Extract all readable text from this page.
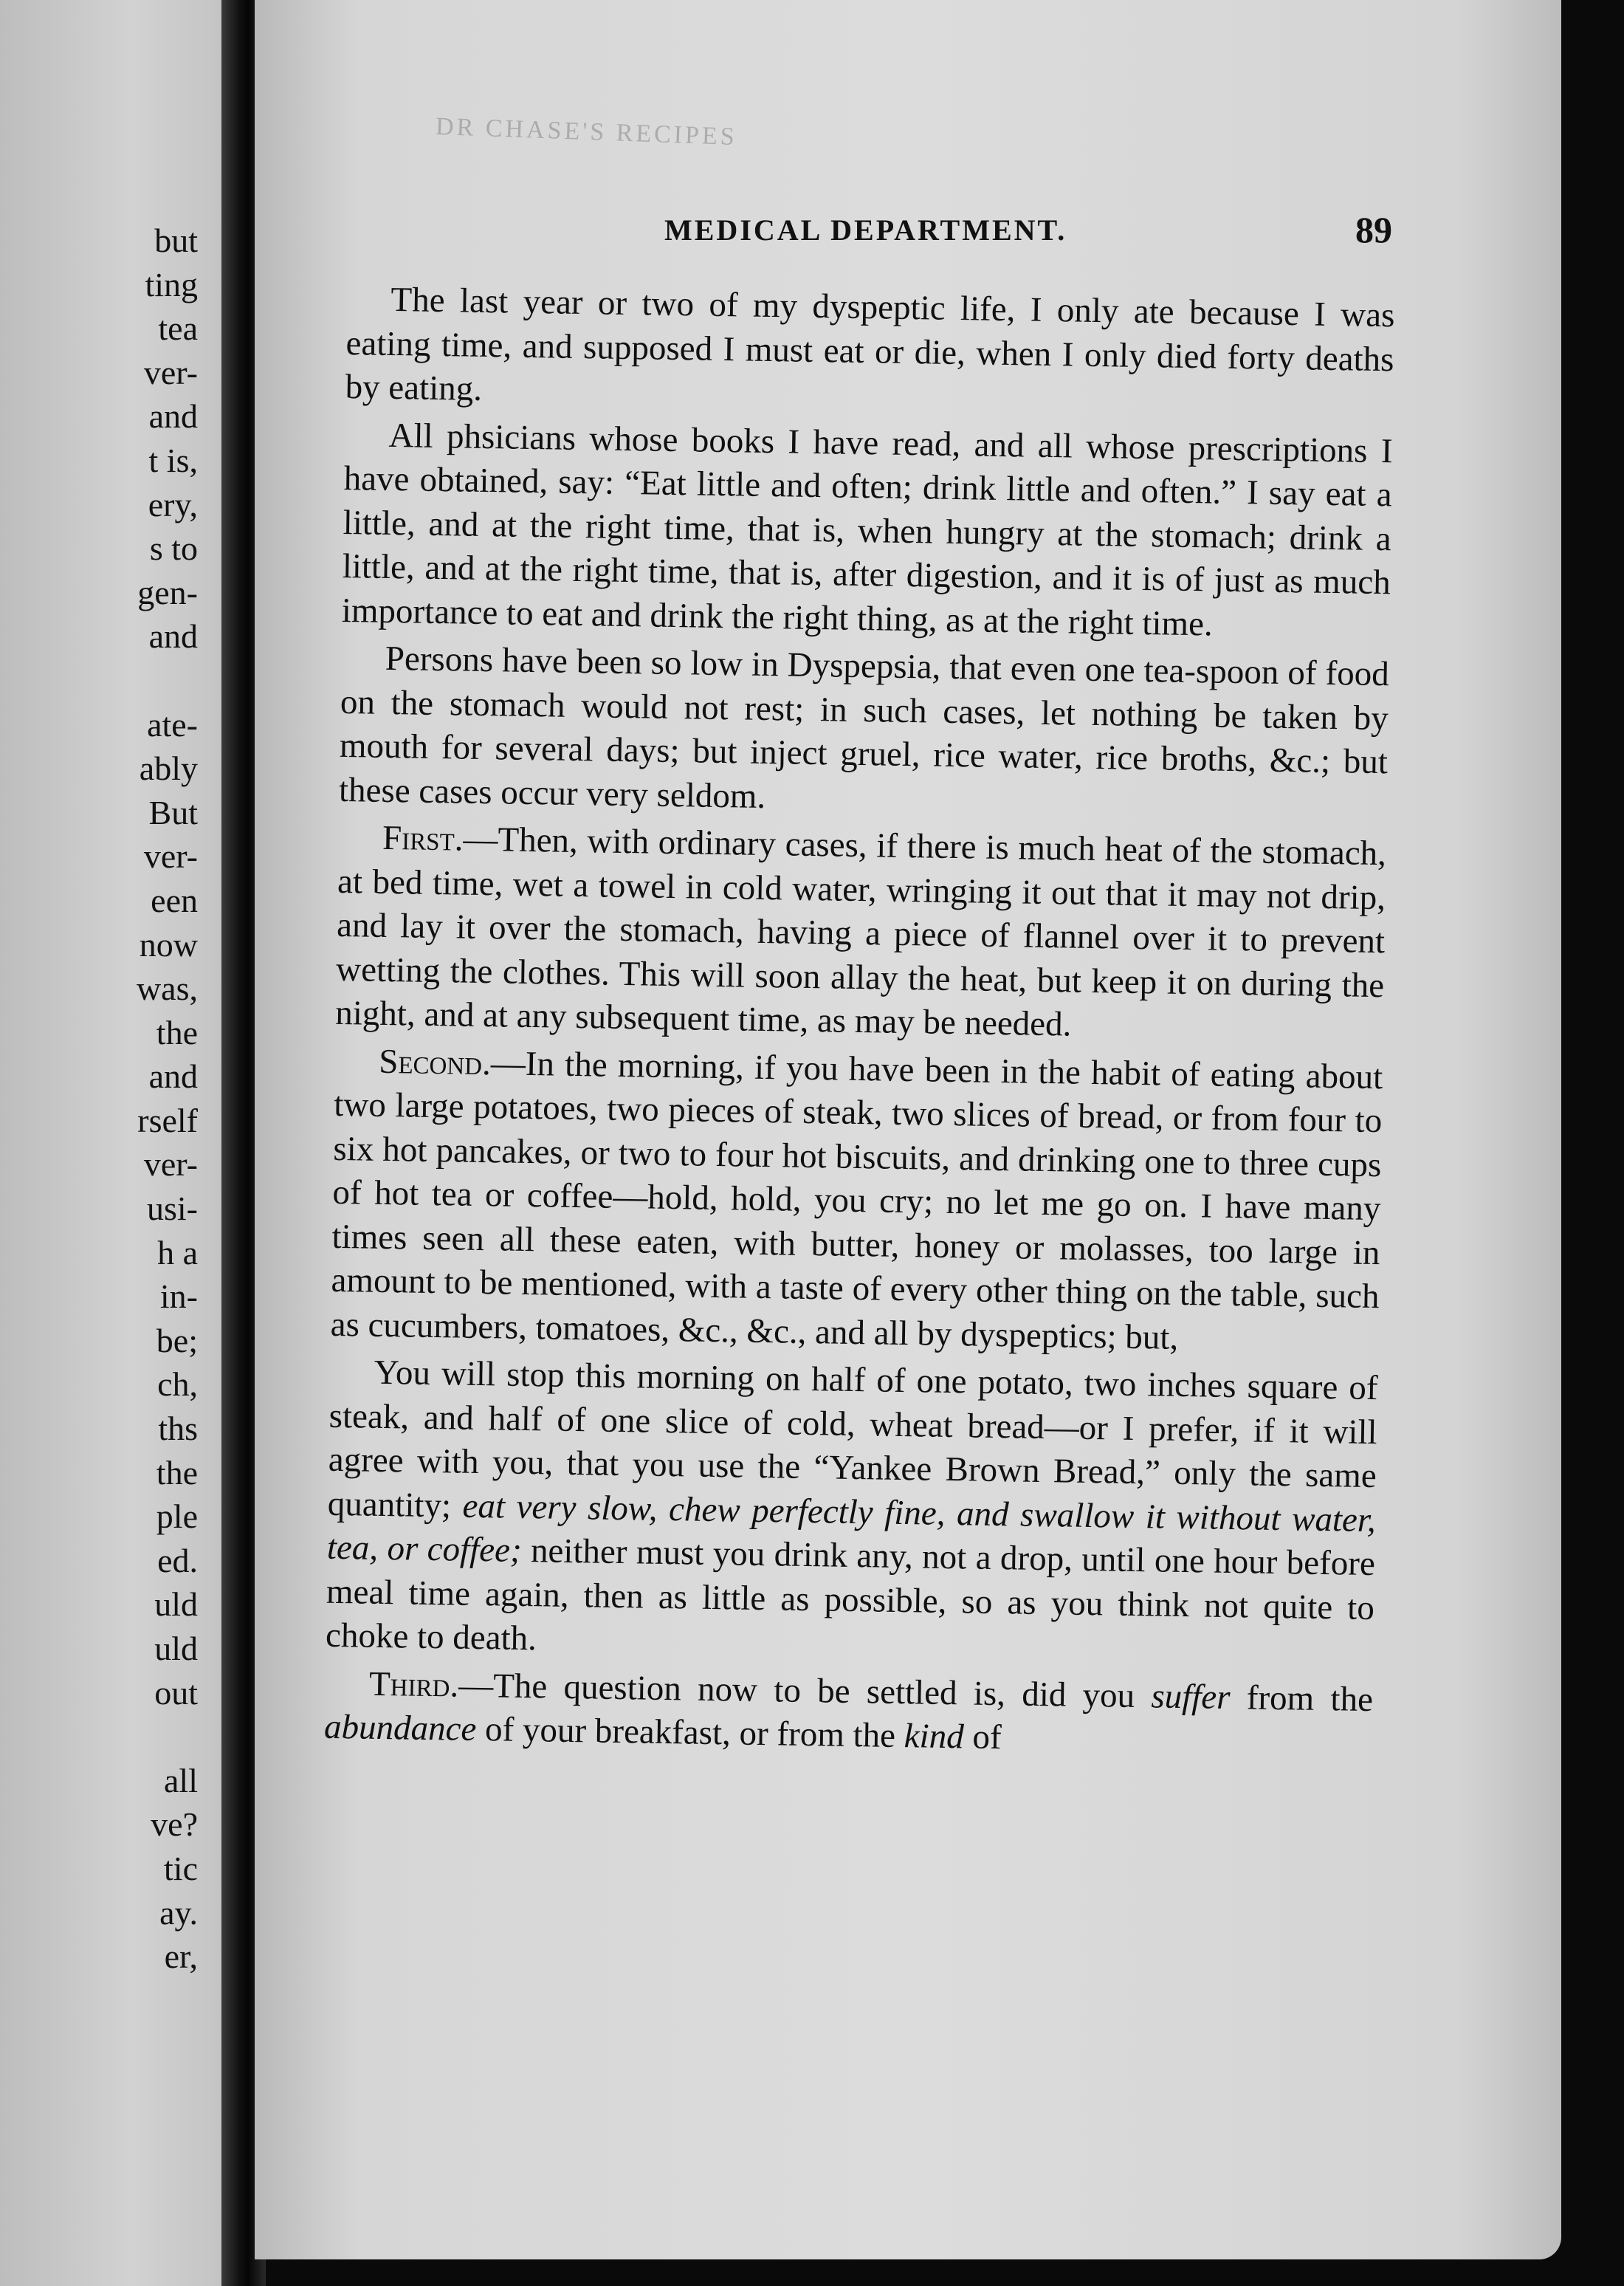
but
ting
tea
ver-
and
t is,
ery,
s to
gen-
and
ate-
ably
But
ver-
een
now
was,
the
and
rself
ver-
usi-
h a
in-
be;
ch,
ths
the
ple
ed.
uld
uld
out
all
ve?
tic
ay.
er,
DR CHASE'S RECIPES
MEDICAL DEPARTMENT.	89

The last year or two of my dyspeptic life, I only ate because I was eating time, and supposed I must eat or die, when I only died forty deaths by eating.

All phsicians whose books I have read, and all whose prescriptions I have obtained, say: “Eat little and often; drink little and often.” I say eat a little, and at the right time, that is, when hungry at the stomach; drink a little, and at the right time, that is, after digestion, and it is of just as much importance to eat and drink the right thing, as at the right time.

Persons have been so low in Dyspepsia, that even one tea-spoon of food on the stomach would not rest; in such cases, let nothing be taken by mouth for several days; but inject gruel, rice water, rice broths, &c.; but these cases occur very seldom.

First.—Then, with ordinary cases, if there is much heat of the stomach, at bed time, wet a towel in cold water, wringing it out that it may not drip, and lay it over the stomach, having a piece of flannel over it to prevent wetting the clothes. This will soon allay the heat, but keep it on during the night, and at any subsequent time, as may be needed.

Second.—In the morning, if you have been in the habit of eating about two large potatoes, two pieces of steak, two slices of bread, or from four to six hot pancakes, or two to four hot biscuits, and drinking one to three cups of hot tea or coffee—hold, hold, you cry; no let me go on. I have many times seen all these eaten, with butter, honey or molasses, too large in amount to be mentioned, with a taste of every other thing on the table, such as cucumbers, tomatoes, &c., &c., and all by dyspeptics; but,

You will stop this morning on half of one potato, two inches square of steak, and half of one slice of cold, wheat bread—or I prefer, if it will agree with you, that you use the “Yankee Brown Bread,” only the same quantity; eat very slow, chew perfectly fine, and swallow it without water, tea, or coffee; neither must you drink any, not a drop, until one hour before meal time again, then as little as possible, so as you think not quite to choke to death.

Third.—The question now to be settled is, did you suffer from the abundance of your breakfast, or from the kind of
